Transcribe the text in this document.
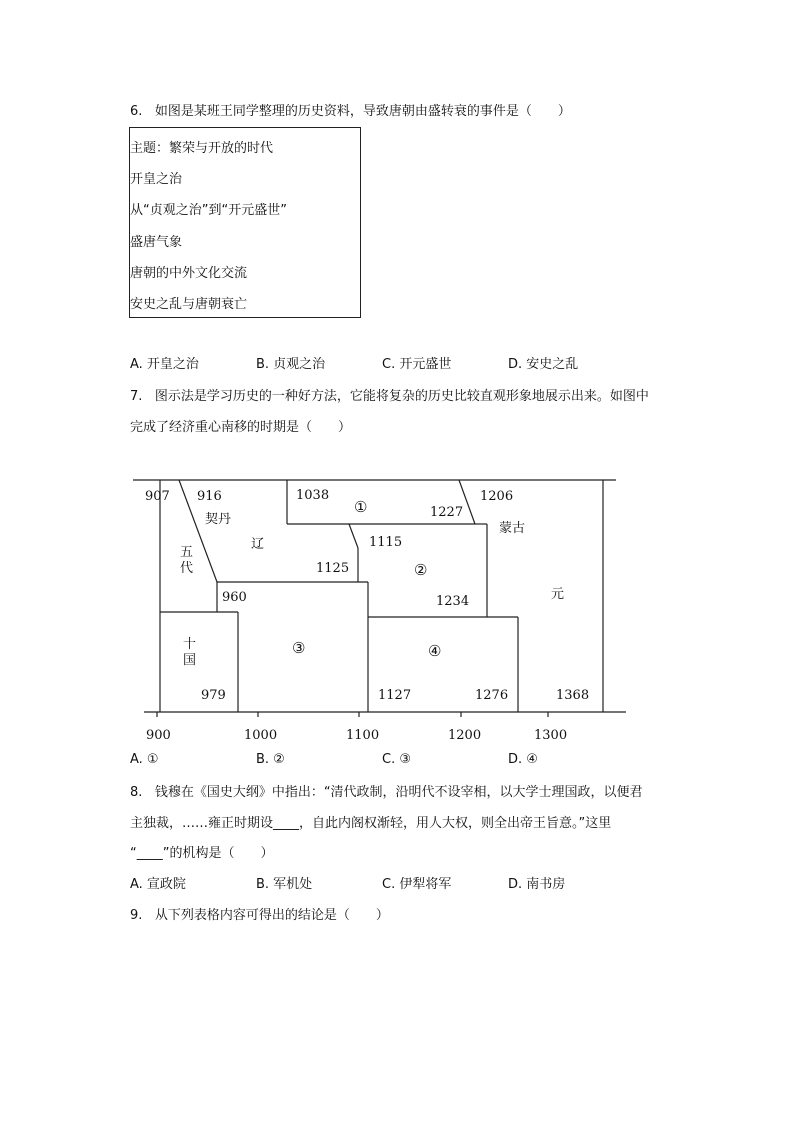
6. 如图是某班王同学整理的历史资料，导致唐朝由盛转衰的事件是（　　）
主题：繁荣与开放的时代
开皇之治
从“贞观之治”到“开元盛世”
盛唐气象
唐朝的中外文化交流
安史之乱与唐朝衰亡
A. 开皇之治	B. 贞观之治	C. 开元盛世	D. 安史之乱
7. 图示法是学习历史的一种好方法，它能将复杂的历史比较直观形象地展示出来。如图中
完成了经济重心南移的时期是（　　）
900	1000	1100	1200	1300
907 916	1038
1227
1206
1115
1125
960	1234
979	1127	1276	1368
契丹
辽
蒙古
元
五
代
十
国
①
②
③	④
A. ①	B. ②	C. ③	D. ④
8. 钱穆在《国史大纲》中指出：“清代政制，沿明代不设宰相，以大学士理国政，以便君
主独裁，……雍正时期设____，自此内阁权渐轻，用人大权，则全出帝王旨意。”这里
“____”的机构是（　　）
A. 宣政院	B. 军机处	C. 伊犁将军	D. 南书房
9. 从下列表格内容可得出的结论是（　　）
